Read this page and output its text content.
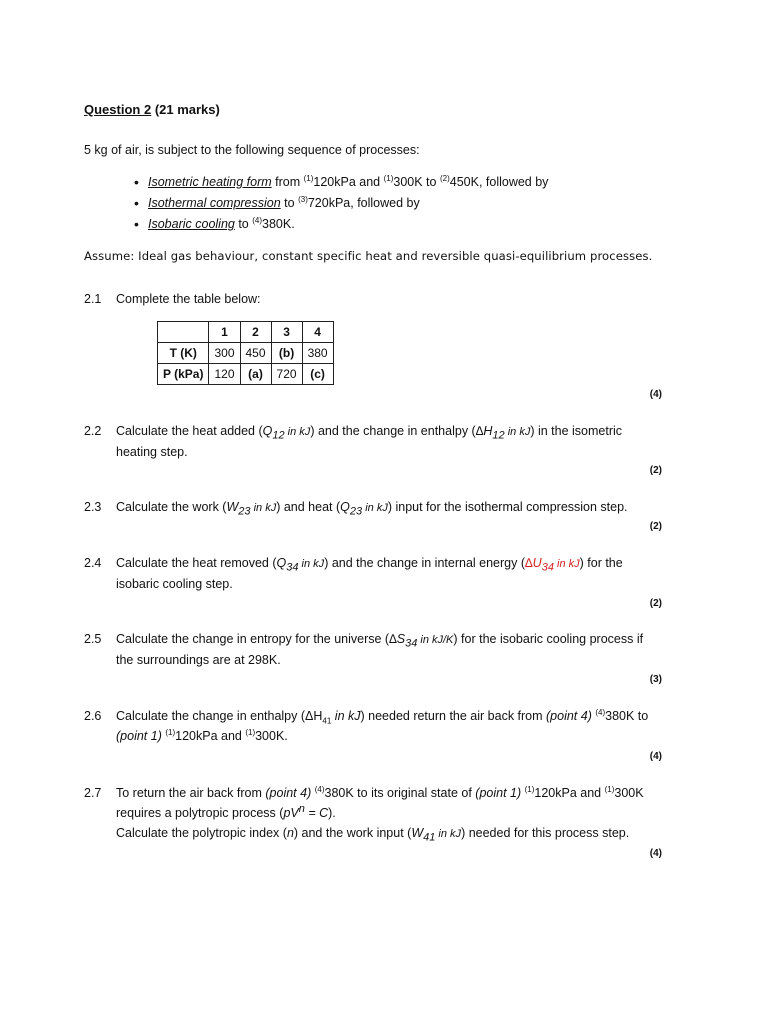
Question 2 (21 marks)
5 kg of air, is subject to the following sequence of processes:
• Isometric heating form from $^{(1)}$120kPa and $^{(1)}$300K to $^{(2)}$450K, followed by
• Isothermal compression to $^{(3)}$720kPa, followed by
• Isobaric cooling to $^{(4)}$380K.
Assume: Ideal gas behaviour, constant specific heat and reversible quasi-equilibrium processes.
2.1 Complete the table below:
	1	2	3	4
T (K)	300	450	(b)	380
P (kPa)	120	(a)	720	(c)
(4)
2.2 Calculate the heat added ($Q_{12}$ in kJ) and the change in enthalpy ($\Delta H_{12}$ in kJ) in the isometric heating step.
(2)
2.3 Calculate the work ($W_{23}$ in kJ) and heat ($Q_{23}$ in kJ) input for the isothermal compression step.
(2)
2.4 Calculate the heat removed ($Q_{34}$ in kJ) and the change in internal energy ($\Delta U_{34}$ in kJ) for the isobaric cooling step.
(2)
2.5 Calculate the change in entropy for the universe ($\Delta S_{34}$ in kJ/K) for the isobaric cooling process if the surroundings are at 298K.
(3)
2.6 Calculate the change in enthalpy ($\Delta H_{41}$ in kJ) needed return the air back from (point 4) $^{(4)}$380K to (point 1) $^{(1)}$120kPa and $^{(1)}$300K.
(4)
2.7 To return the air back from (point 4) $^{(4)}$380K to its original state of (point 1) $^{(1)}$120kPa and $^{(1)}$300K requires a polytropic process $(pV^n = C)$.
Calculate the polytropic index (n) and the work input ($W_{41}$ in kJ) needed for this process step.
(4)
